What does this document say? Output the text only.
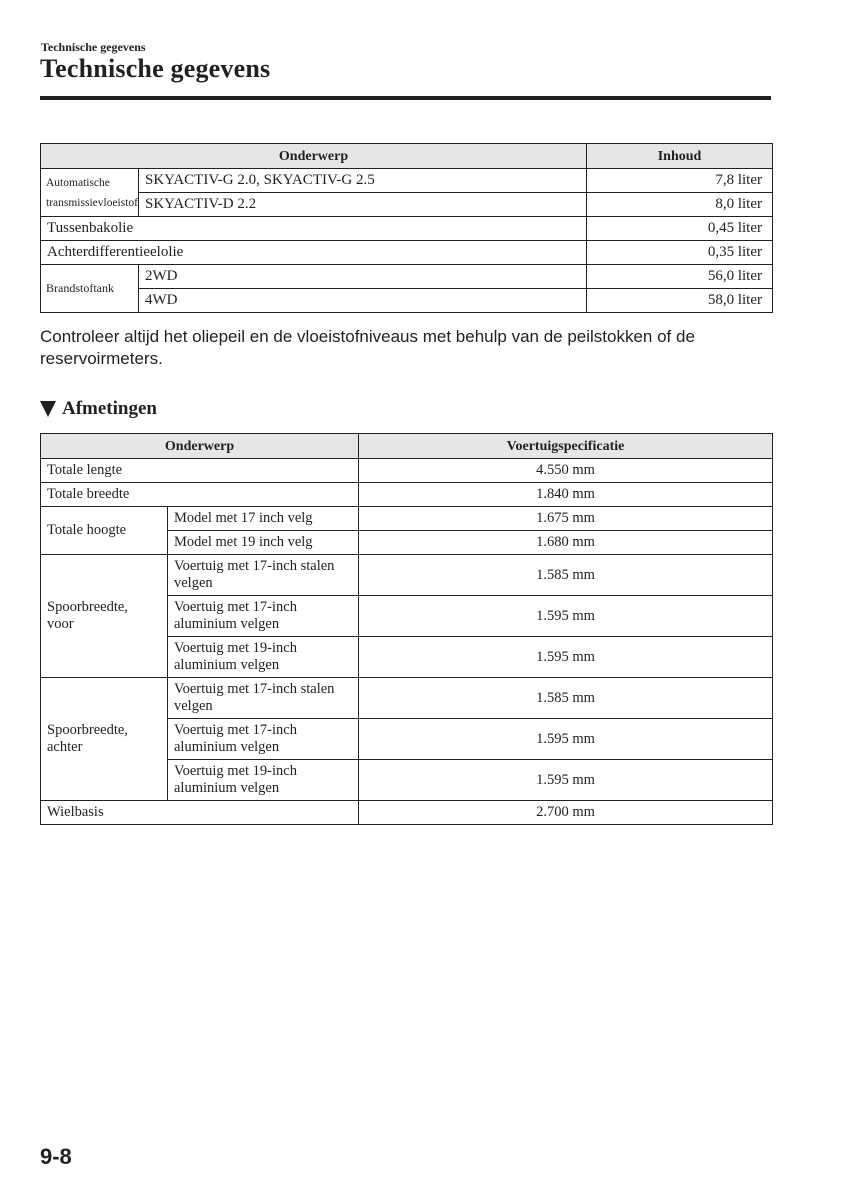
Technische gegevens
Technische gegevens
Onderwerp		Inhoud
Automatische
transmissievloeistof	SKYACTIV-G 2.0, SKYACTIV-G 2.5	7,8 liter
	SKYACTIV-D 2.2	8,0 liter
Tussenbakolie		0,45 liter
Achterdifferentieelolie		0,35 liter
Brandstoftank	2WD	56,0 liter
	4WD	58,0 liter
Controleer altijd het oliepeil en de vloeistofniveaus met behulp van de peilstokken of de reservoirmeters.
Afmetingen
Onderwerp		Voertuigspecificatie
Totale lengte		4.550 mm
Totale breedte		1.840 mm
Totale hoogte	Model met 17 inch velg	1.675 mm
	Model met 19 inch velg	1.680 mm
Spoorbreedte,
voor	Voertuig met 17-inch stalen
velgen	1.585 mm
	Voertuig met 17-inch
aluminium velgen	1.595 mm
	Voertuig met 19-inch
aluminium velgen	1.595 mm
Spoorbreedte,
achter	Voertuig met 17-inch stalen
velgen	1.585 mm
	Voertuig met 17-inch
aluminium velgen	1.595 mm
	Voertuig met 19-inch
aluminium velgen	1.595 mm
Wielbasis		2.700 mm
9-8
